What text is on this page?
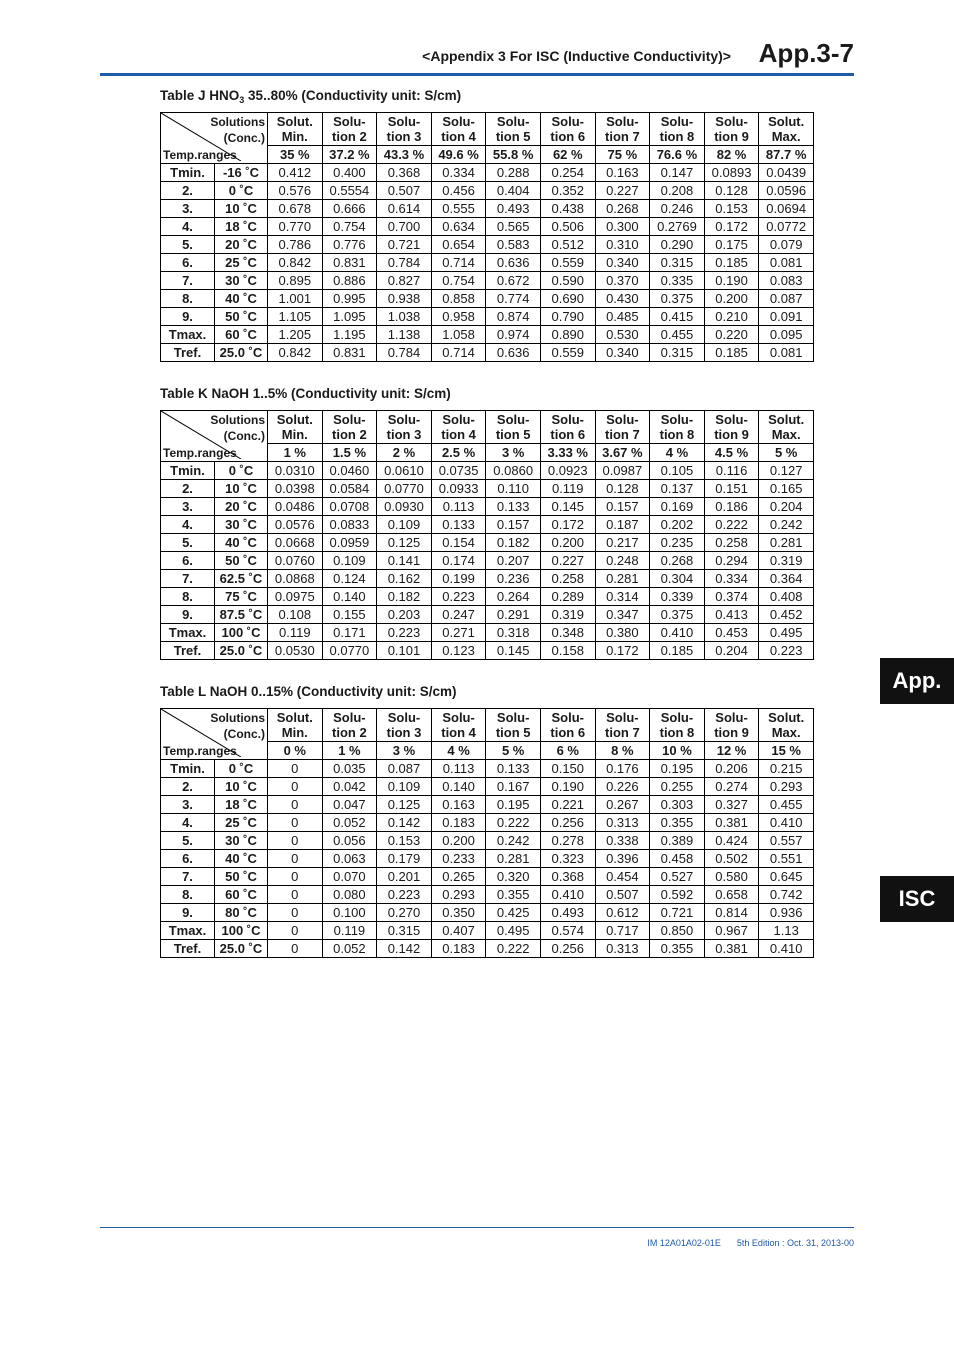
<Appendix 3 For ISC (Inductive Conductivity)> App.3-7
App.
ISC
Table J $HNO_3$ 35..80% (Conductivity unit: S/cm)
Solutions
(Conc.)
Temp.ranges		Solut.	Solu-	Solu-	Solu-	Solu-	Solu-	Solu-	Solu-	Solu-	Solut.
		Min.	tion 2	tion 3	tion 4	tion 5	tion 6	tion 7	tion 8	tion 9	Max.
		35 %	37.2 %	43.3 %	49.6 %	55.8 %	62 %	75 %	76.6 %	82 %	87.7 %
Tmin.	-16 ˚C	0.412	0.400	0.368	0.334	0.288	0.254	0.163	0.147	0.0893	0.0439
2.	0 ˚C	0.576	0.5554	0.507	0.456	0.404	0.352	0.227	0.208	0.128	0.0596
3.	10 ˚C	0.678	0.666	0.614	0.555	0.493	0.438	0.268	0.246	0.153	0.0694
4.	18 ˚C	0.770	0.754	0.700	0.634	0.565	0.506	0.300	0.2769	0.172	0.0772
5.	20 ˚C	0.786	0.776	0.721	0.654	0.583	0.512	0.310	0.290	0.175	0.079
6.	25 ˚C	0.842	0.831	0.784	0.714	0.636	0.559	0.340	0.315	0.185	0.081
7.	30 ˚C	0.895	0.886	0.827	0.754	0.672	0.590	0.370	0.335	0.190	0.083
8.	40 ˚C	1.001	0.995	0.938	0.858	0.774	0.690	0.430	0.375	0.200	0.087
9.	50 ˚C	1.105	1.095	1.038	0.958	0.874	0.790	0.485	0.415	0.210	0.091
Tmax.	60 ˚C	1.205	1.195	1.138	1.058	0.974	0.890	0.530	0.455	0.220	0.095
Tref.	25.0 ˚C	0.842	0.831	0.784	0.714	0.636	0.559	0.340	0.315	0.185	0.081
Table K NaOH 1..5% (Conductivity unit: S/cm)
Solutions
(Conc.)
Temp.ranges		Solut.	Solu-	Solu-	Solu-	Solu-	Solu-	Solu-	Solu-	Solu-	Solut.
		Min.	tion 2	tion 3	tion 4	tion 5	tion 6	tion 7	tion 8	tion 9	Max.
		1 %	1.5 %	2 %	2.5 %	3 %	3.33 %	3.67 %	4 %	4.5 %	5 %
Tmin.	0 ˚C	0.0310	0.0460	0.0610	0.0735	0.0860	0.0923	0.0987	0.105	0.116	0.127
2.	10 ˚C	0.0398	0.0584	0.0770	0.0933	0.110	0.119	0.128	0.137	0.151	0.165
3.	20 ˚C	0.0486	0.0708	0.0930	0.113	0.133	0.145	0.157	0.169	0.186	0.204
4.	30 ˚C	0.0576	0.0833	0.109	0.133	0.157	0.172	0.187	0.202	0.222	0.242
5.	40 ˚C	0.0668	0.0959	0.125	0.154	0.182	0.200	0.217	0.235	0.258	0.281
6.	50 ˚C	0.0760	0.109	0.141	0.174	0.207	0.227	0.248	0.268	0.294	0.319
7.	62.5 ˚C	0.0868	0.124	0.162	0.199	0.236	0.258	0.281	0.304	0.334	0.364
8.	75 ˚C	0.0975	0.140	0.182	0.223	0.264	0.289	0.314	0.339	0.374	0.408
9.	87.5 ˚C	0.108	0.155	0.203	0.247	0.291	0.319	0.347	0.375	0.413	0.452
Tmax.	100 ˚C	0.119	0.171	0.223	0.271	0.318	0.348	0.380	0.410	0.453	0.495
Tref.	25.0 ˚C	0.0530	0.0770	0.101	0.123	0.145	0.158	0.172	0.185	0.204	0.223
Table L NaOH 0..15% (Conductivity unit: S/cm)
Solutions
(Conc.)
Temp.ranges		Solut.	Solu-	Solu-	Solu-	Solu-	Solu-	Solu-	Solu-	Solu-	Solut.
		Min.	tion 2	tion 3	tion 4	tion 5	tion 6	tion 7	tion 8	tion 9	Max.
		0 %	1 %	3 %	4 %	5 %	6 %	8 %	10 %	12 %	15 %
Tmin.	0 ˚C	0	0.035	0.087	0.113	0.133	0.150	0.176	0.195	0.206	0.215
2.	10 ˚C	0	0.042	0.109	0.140	0.167	0.190	0.226	0.255	0.274	0.293
3.	18 ˚C	0	0.047	0.125	0.163	0.195	0.221	0.267	0.303	0.327	0.455
4.	25 ˚C	0	0.052	0.142	0.183	0.222	0.256	0.313	0.355	0.381	0.410
5.	30 ˚C	0	0.056	0.153	0.200	0.242	0.278	0.338	0.389	0.424	0.557
6.	40 ˚C	0	0.063	0.179	0.233	0.281	0.323	0.396	0.458	0.502	0.551
7.	50 ˚C	0	0.070	0.201	0.265	0.320	0.368	0.454	0.527	0.580	0.645
8.	60 ˚C	0	0.080	0.223	0.293	0.355	0.410	0.507	0.592	0.658	0.742
9.	80 ˚C	0	0.100	0.270	0.350	0.425	0.493	0.612	0.721	0.814	0.936
Tmax.	100 ˚C	0	0.119	0.315	0.407	0.495	0.574	0.717	0.850	0.967	1.13
Tref.	25.0 ˚C	0	0.052	0.142	0.183	0.222	0.256	0.313	0.355	0.381	0.410
IM 12A01A02-01E 5th Edition : Oct. 31, 2013-00
